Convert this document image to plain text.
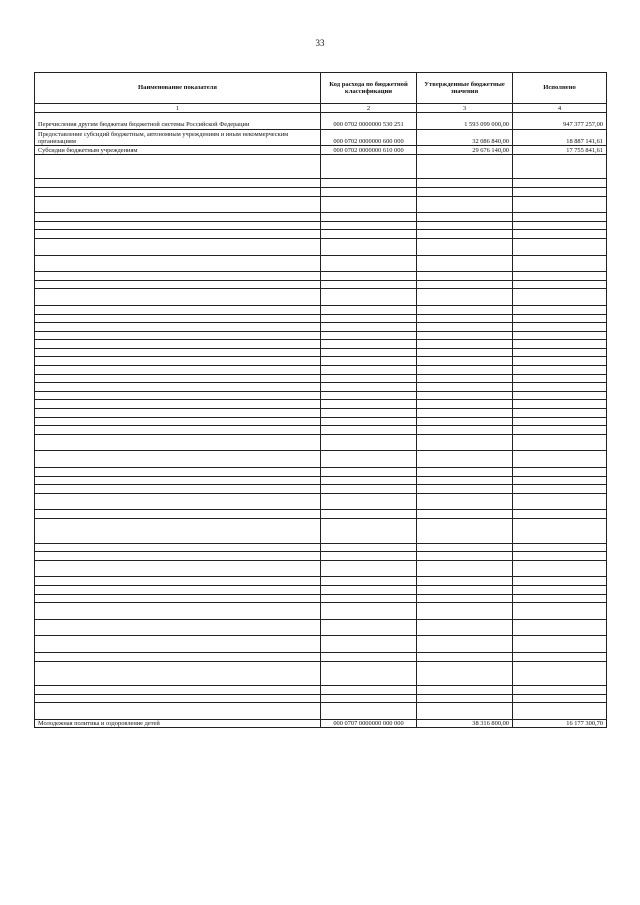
33
Наименование показателя	Код расхода по бюджетной классификации	Утвержденные бюджетные значения	Исполнено
1	2	3	4
Перечисления другим бюджетам бюджетной системы Российской Федерации	000 0702 0000000 530 251	1 593 099 000,00	947 377 257,00
Предоставление субсидий бюджетным, автономным учреждениям и иным некоммерческим организациям	000 0702 0000000 600 000	32 086 840,00	18 887 141,61
Субсидии бюджетным учреждениям	000 0702 0000000 610 000	29 676 140,00	17 755 841,61

Молодежная политика и оздоровление детей	000 0707 0000000 000 000	38 316 800,00	16 177 300,70
